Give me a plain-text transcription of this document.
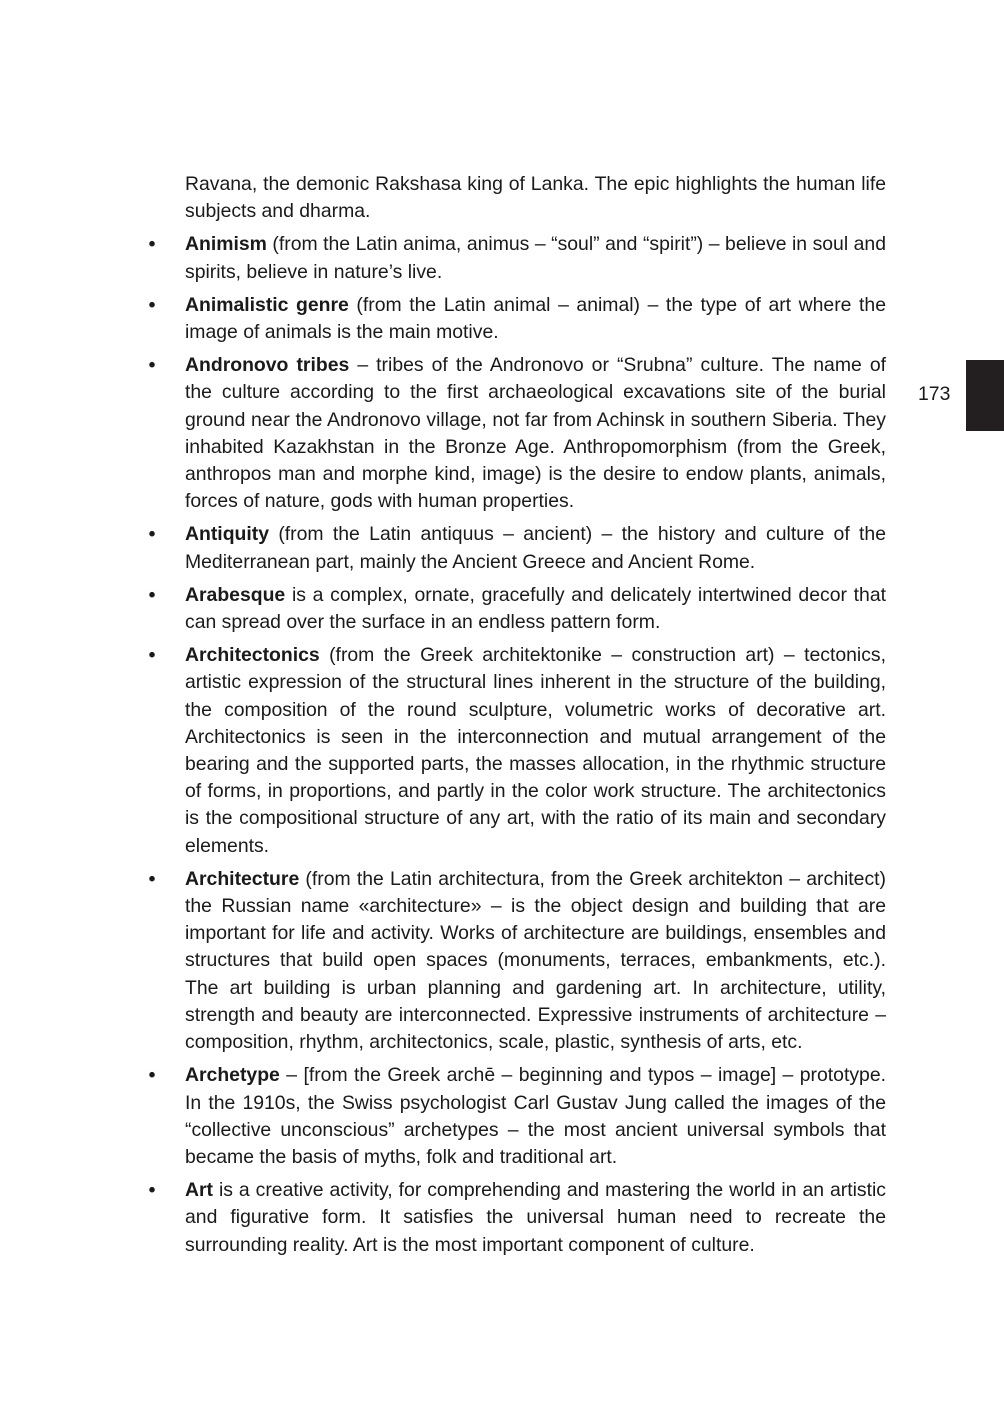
Ravana, the demonic Rakshasa king of Lanka. The epic highlights the human life subjects and dharma.

• Animism (from the Latin anima, animus – “soul” and “spirit”) – believe in soul and spirits, believe in nature’s live.
• Animalistic genre (from the Latin animal – animal) – the type of art where the image of animals is the main motive.
• Andronovo tribes – tribes of the Andronovo or “Srubna” culture. The name of the culture according to the first archaeological excavations site of the burial ground near the Andronovo village, not far from Achinsk in southern Siberia. They inhabited Kazakhstan in the Bronze Age. Anthropomorphism (from the Greek, anthropos man and morphe kind, image) is the desire to endow plants, animals, forces of nature, gods with human properties.
• Antiquity (from the Latin antiquus – ancient) – the history and culture of the Mediterranean part, mainly the Ancient Greece and Ancient Rome.
• Arabesque is a complex, ornate, gracefully and delicately intertwined decor that can spread over the surface in an endless pattern form.
• Architectonics (from the Greek architektonike – construction art) – tectonics, artistic expression of the structural lines inherent in the structure of the building, the composition of the round sculpture, volumetric works of decorative art. Architectonics is seen in the interconnection and mutual arrangement of the bearing and the supported parts, the masses allocation, in the rhythmic structure of forms, in proportions, and partly in the color work structure. The architectonics is the compositional structure of any art, with the ratio of its main and secondary elements.
• Architecture (from the Latin architectura, from the Greek architekton – architect) the Russian name «architecture» – is the object design and building that are important for life and activity. Works of architecture are buildings, ensembles and structures that build open spaces (monuments, terraces, embankments, etc.). The art building is urban planning and gardening art. In architecture, utility, strength and beauty are interconnected. Expressive instruments of architecture – composition, rhythm, architectonics, scale, plastic, synthesis of arts, etc.
• Archetype – [from the Greek archē – beginning and typos – image] – prototype. In the 1910s, the Swiss psychologist Carl Gustav Jung called the images of the “collective unconscious” archetypes – the most ancient universal symbols that became the basis of myths, folk and traditional art.
• Art is a creative activity, for comprehending and mastering the world in an artistic and figurative form. It satisfies the universal human need to recreate the surrounding reality. Art is the most important component of culture.
173
